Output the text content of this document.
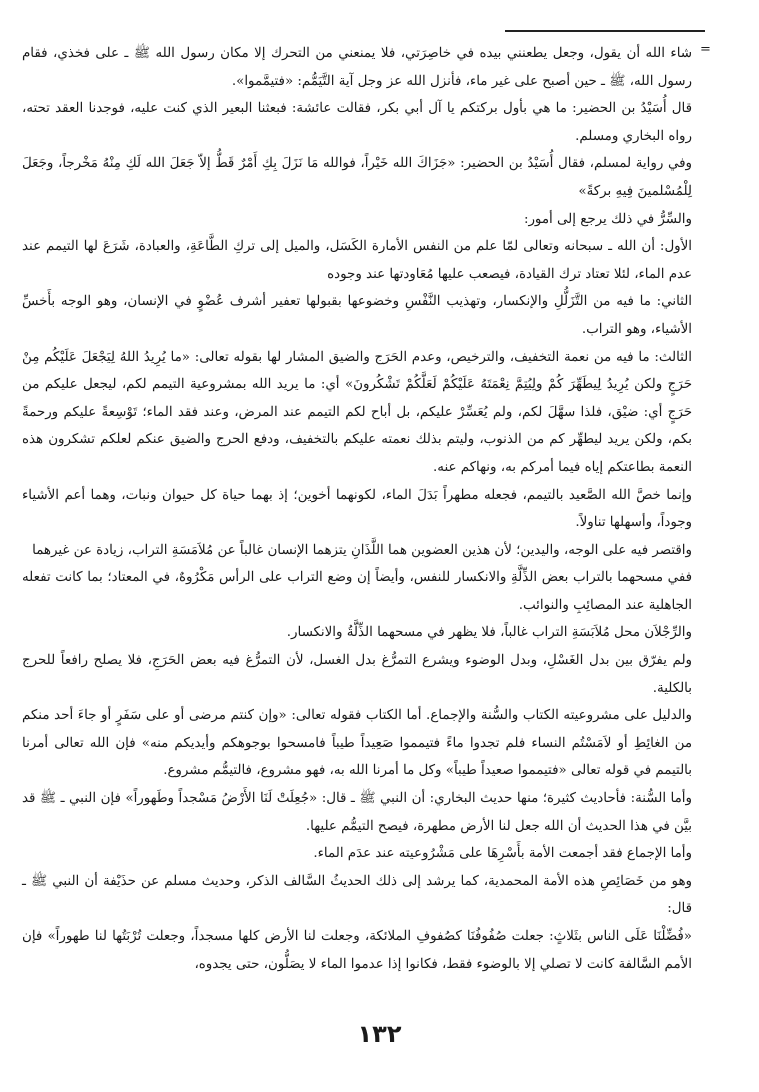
=

شاء الله أن يقول، وجعل يطعنني بيده في خاصِرَتي، فلا يمنعني من التحرك إلا مكان رسول الله ﷺ ـ على فخذي، فقام رسول الله، ﷺ ـ حين أصبح على غير ماء، فأنزل الله عز وجل آية التَّيَمُّم: «فتيمَّموا».

قال أُسَيْدُ بن الحضير: ما هي بأول بركتكم يا آل أبي بكر، فقالت عائشة: فبعثنا البعير الذي كنت عليه، فوجدنا العقد تحته، رواه البخاري ومسلم.

وفي رواية لمسلم، فقال أُسَيْدُ بن الحضير: «جَزَاكَ الله خَيْراً، فوالله مَا نَزَلَ بِكِ أَمْرٌ قَطُّ إلاّ جَعَلَ الله لَكِ مِنْهُ مَخْرجاً، وجَعَلَ لِلْمُسْلمينَ فِيهِ بركةً»

والسِّرُّ في ذلك يرجع إلى أمور:

الأول: أن الله ـ سبحانه وتعالى لمّا علم من النفس الأمارة الكَسَل، والميل إلى تركِ الطَّاعَةِ، والعبادة، شَرَعَ لها التيمم عند عدم الماء، لئلا تعتاد ترك القيادة، فيصعب عليها مُعَاودتها عند وجوده

الثاني: ما فيه من التَّزَلُّلِ والإنكسار، وتهذيب النَّفْسِ وخضوعها بقبولها تعفير أشرف عُضْوٍ في الإنسان، وهو الوجه بأَخسِّ الأشياء، وهو التراب.

الثالث: ما فيه من نعمة التخفيف، والترخيص، وعدم الحَرَج والضيق المشار لها بقوله تعالى: «ما يُرِيدُ اللهُ لِيَجْعَلَ عَلَيْكُم مِنْ حَرَجٍ ولكن يُرِيدُ لِيطَهِّرَ كُمْ ولِيُتِمَّ نِعْمَتَهُ عَلَيْكُمْ لَعَلَّكُمْ تَشْكُرونَ» أي: ما يريد الله بمشروعية التيمم لكم، ليجعل عليكم من حَرَجٍ أي: ضيْق، فلذا سهَّلَ لكم، ولم يُعَسِّرْ عليكم، بل أباح لكم التيمم عند المرض، وعند فقد الماء؛ تَوْسِعةً عليكم ورحمةً بكم، ولكن يريد ليطهِّر كم من الذنوب، وليتم بذلك نعمته عليكم بالتخفيف، ودفع الحرج والضيق عنكم لعلكم تشكرون هذه النعمة بطاعتكم إياه فيما أمركم به، ونهاكم عنه.

وإنما خصَّ الله الصَّعيد بالتيمم، فجعله مطهراً بَدَلَ الماء، لكونهما أخوين؛ إذ بهما حياة كل حيوان ونبات، وهما أعم الأشياء وجوداً، وأسهلها تناولاً.

واقتصر فيه على الوجه، واليدين؛ لأن هذين العضوين هما اللَّذَانِ يتزهما الإنسان غالباً عن مُلاَمَسَةِ التراب، زيادة عن غيرهما

ففي مسحهما بالتراب بعض الذِّلَّةِ والانكسار للنفس، وأيضاً إن وضع التراب على الرأس مَكْرُوهٌ، في المعتاد؛ بما كانت تفعله الجاهلية عند المصائِبِ والنوائب.

والرِّجْلاَن محل مُلاَبَسَةِ التراب غالباً، فلا يظهر في مسحهما الذِّلَّةُ والانكسار.

ولم يفرّق بين بدل الغَسْلِ، وبدل الوضوء ويشرع التمرُّغ بدل الغسل، لأن التمرُّغ فيه بعض الحَرَجِ، فلا يصلح رافعاً للحرج بالكلية.

والدليل على مشروعيته الكتاب والسُّنة والإجماع. أما الكتاب فقوله تعالى: «وإن كنتم مرضى أو على سَفَرٍ أو جاءَ أحد منكم من الغائِطِ أو لاَمَسْتُم النساء فلم تجدوا ماءً فتيمموا صَعِيداً طيباً فامسحوا بوجوهكم وأيديكم منه» فإن الله تعالى أمرنا بالتيمم في قوله تعالى «فتيمموا صعيداً طيباً» وكل ما أمرنا الله به، فهو مشروع، فالتيمُّم مشروع.

وأما السُّنة: فأحاديث كثيرة؛ منها حديث البخاري: أن النبي ﷺ ـ قال: «جُعِلَتْ لَنَا الأَرْضُ مَسْجداً وطَهوراً» فإن النبي ـ ﷺ قد بيَّن في هذا الحديث أن الله جعل لنا الأرض مطهرة، فيصح التيمُّم عليها.

وأما الإجماع فقد أجمعت الأمة بأَسْرِهَا على مَشْرُوعيته عند عدَم الماء.

وهو من خَصَائِصِ هذه الأمة المحمدية، كما يرشد إلى ذلك الحديثُ السَّالف الذكر، وحديث مسلم عن حذَيْفة أن النبي ﷺ ـ قال:

«فُضِّلْنَا عَلَى الناس بثَلاثٍ: جعلت صُفُوفُنَا كصُفوفِ الملائكة، وجعلت لنا الأرض كلها مسجداً، وجعلت تُرْبَتُها لنا طهوراً» فإن الأمم السَّالفة كانت لا تصلي إلا بالوضوء فقط، فكانوا إذا عدموا الماء لا يصَلُّون، حتى يجدوه،

١٣٢
